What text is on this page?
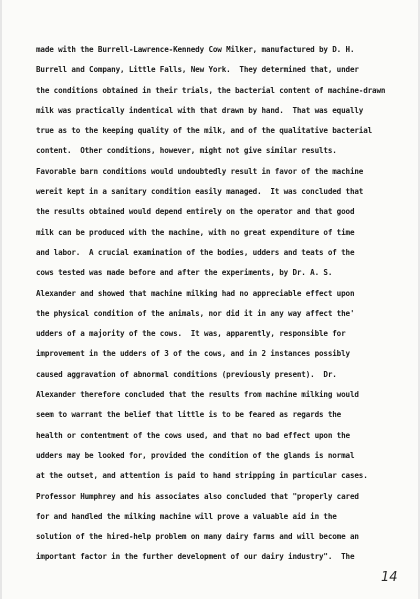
made with the Burrell-Lawrence-Kennedy Cow Milker, manufactured by D. H.
Burrell and Company, Little Falls, New York.  They determined that, under
the conditions obtained in their trials, the bacterial content of machine-drawn
milk was practically indentical with that drawn by hand.  That was equally
true as to the keeping quality of the milk, and of the qualitative bacterial
content.  Other conditions, however, might not give similar results.
Favorable barn conditions would undoubtedly result in favor of the machine
wereit kept in a sanitary condition easily managed.  It was concluded that
the results obtained would depend entirely on the operator and that good
milk can be produced with the machine, with no great expenditure of time
and labor.  A crucial examination of the bodies, udders and teats of the
cows tested was made before and after the experiments, by Dr. A. S.
Alexander and showed that machine milking had no appreciable effect upon
the physical condition of the animals, nor did it in any way affect the'
udders of a majority of the cows.  It was, apparently, responsible for
improvement in the udders of 3 of the cows, and in 2 instances possibly
caused aggravation of abnormal conditions (previously present).  Dr.
Alexander therefore concluded that the results from machine milking would
seem to warrant the belief that little is to be feared as regards the
health or contentment of the cows used, and that no bad effect upon the
udders may be looked for, provided the condition of the glands is normal
at the outset, and attention is paid to hand stripping in particular cases.
Professor Humphrey and his associates also concluded that "properly cared
for and handled the milking machine will prove a valuable aid in the
solution of the hired-help problem on many dairy farms and will become an
important factor in the further development of our dairy industry".  The
14
